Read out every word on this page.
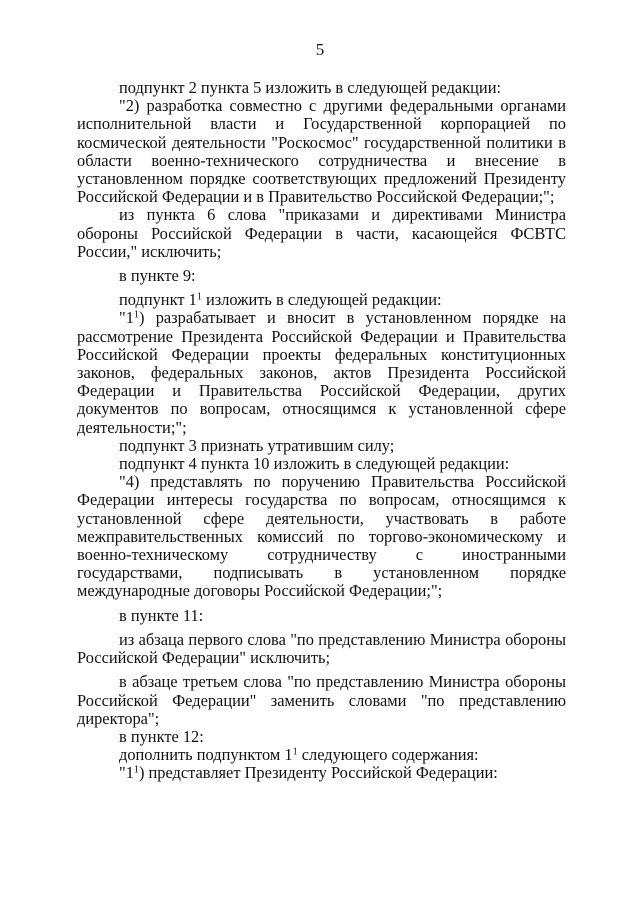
5

подпункт 2 пункта 5 изложить в следующей редакции:

"2) разработка совместно с другими федеральными органами исполнительной власти и Государственной корпорацией по космической деятельности "Роскосмос" государственной политики в области военно-технического сотрудничества и внесение в установленном порядке соответствующих предложений Президенту Российской Федерации и в Правительство Российской Федерации;";

из пункта 6 слова "приказами и директивами Министра обороны Российской Федерации в части, касающейся ФСВТС России," исключить;

в пункте 9:

подпункт $1^1$ изложить в следующей редакции:

"$1^1$) разрабатывает и вносит в установленном порядке на рассмотрение Президента Российской Федерации и Правительства Российской Федерации проекты федеральных конституционных законов, федеральных законов, актов Президента Российской Федерации и Правительства Российской Федерации, других документов по вопросам, относящимся к установленной сфере деятельности;";

подпункт 3 признать утратившим силу;

подпункт 4 пункта 10 изложить в следующей редакции:

"4) представлять по поручению Правительства Российской Федерации интересы государства по вопросам, относящимся к установленной сфере деятельности, участвовать в работе межправительственных комиссий по торгово-экономическому и военно-техническому сотрудничеству с иностранными государствами, подписывать в установленном порядке международные договоры Российской Федерации;";

в пункте 11:

из абзаца первого слова "по представлению Министра обороны Российской Федерации" исключить;

в абзаце третьем слова "по представлению Министра обороны Российской Федерации" заменить словами "по представлению директора";

в пункте 12:

дополнить подпунктом $1^1$ следующего содержания:

"$1^1$) представляет Президенту Российской Федерации:
